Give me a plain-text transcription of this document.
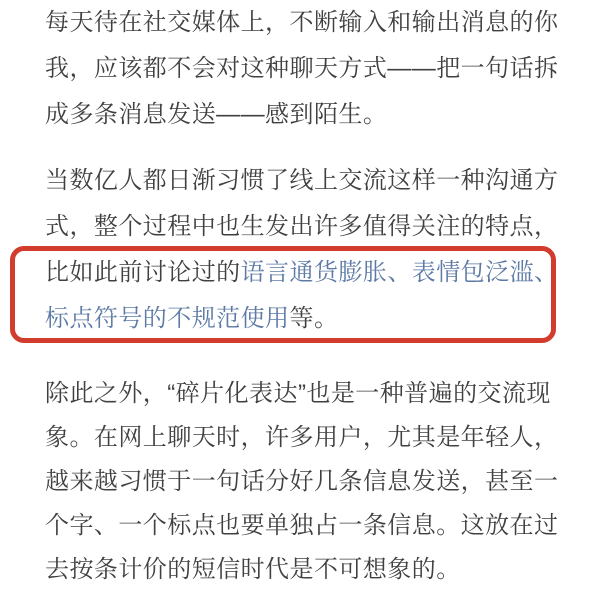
每天待在社交媒体上，不断输入和输出消息的你
我，应该都不会对这种聊天方式——把一句话拆
成多条消息发送——感到陌生。
当数亿人都日渐习惯了线上交流这样一种沟通方
式，整个过程中也生发出许多值得关注的特点，
比如此前讨论过的语言通货膨胀、表情包泛滥、
标点符号的不规范使用等。
除此之外，“碎片化表达”也是一种普遍的交流现
象。在网上聊天时，许多用户，尤其是年轻人，
越来越习惯于一句话分好几条信息发送，甚至一
个字、一个标点也要单独占一条信息。这放在过
去按条计价的短信时代是不可想象的。
